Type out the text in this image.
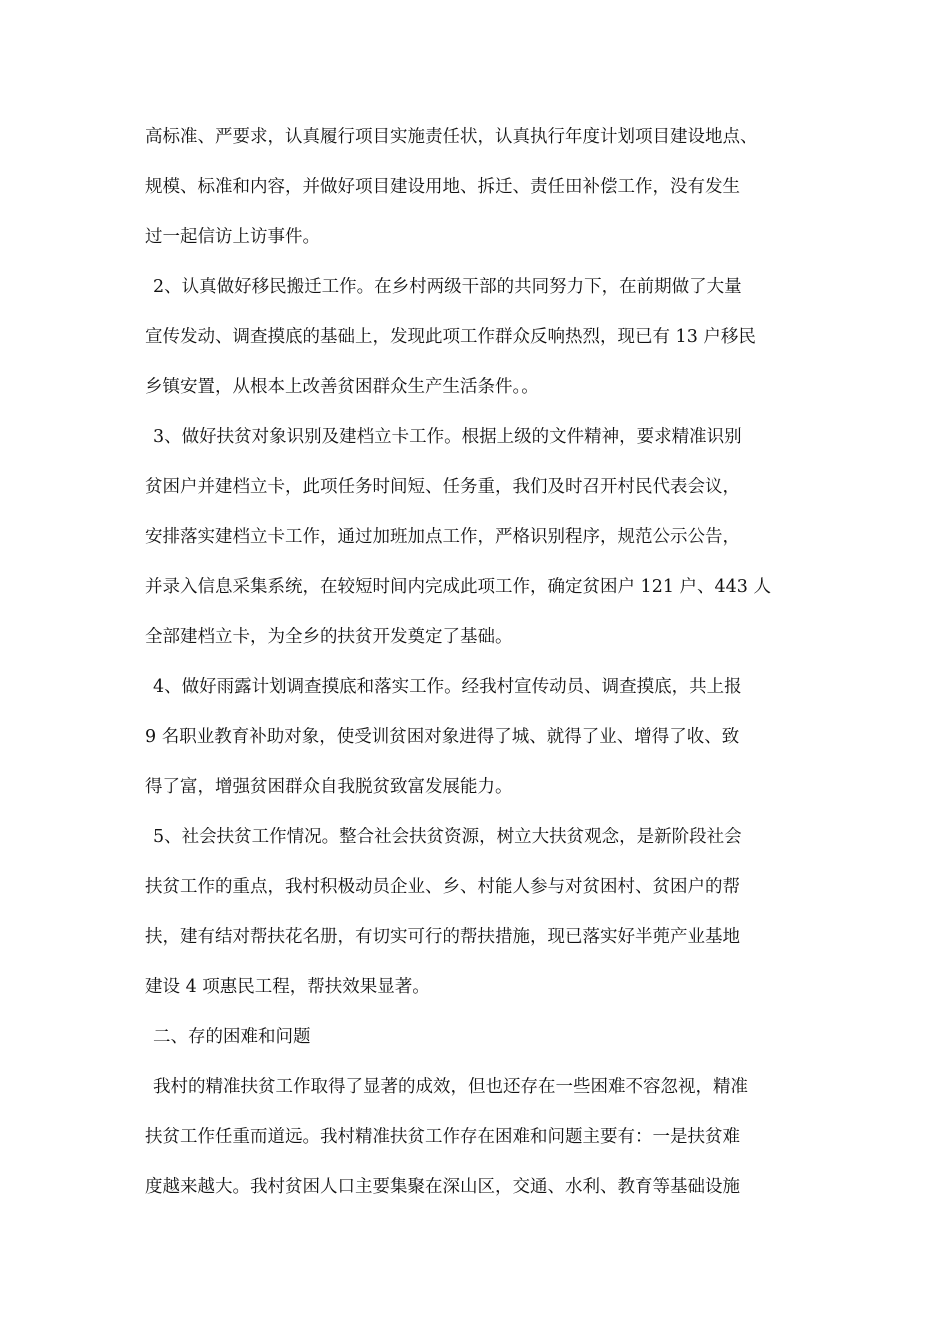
高标准、严要求，认真履行项目实施责任状，认真执行年度计划项目建设地点、

规模、标准和内容，并做好项目建设用地、拆迁、责任田补偿工作，没有发生

过一起信访上访事件。

2、认真做好移民搬迁工作。在乡村两级干部的共同努力下，在前期做了大量

宣传发动、调查摸底的基础上，发现此项工作群众反响热烈，现已有 13 户移民

乡镇安置，从根本上改善贫困群众生产生活条件。。

3、做好扶贫对象识别及建档立卡工作。根据上级的文件精神，要求精准识别

贫困户并建档立卡，此项任务时间短、任务重，我们及时召开村民代表会议，

安排落实建档立卡工作，通过加班加点工作，严格识别程序，规范公示公告，

并录入信息采集系统，在较短时间内完成此项工作，确定贫困户 121 户、443 人

全部建档立卡，为全乡的扶贫开发奠定了基础。

4、做好雨露计划调查摸底和落实工作。经我村宣传动员、调查摸底，共上报

9 名职业教育补助对象，使受训贫困对象进得了城、就得了业、增得了收、致

得了富，增强贫困群众自我脱贫致富发展能力。

5、社会扶贫工作情况。整合社会扶贫资源，树立大扶贫观念，是新阶段社会

扶贫工作的重点，我村积极动员企业、乡、村能人参与对贫困村、贫困户的帮

扶，建有结对帮扶花名册，有切实可行的帮扶措施，现已落实好半蔸产业基地

建设 4 项惠民工程，帮扶效果显著。

二、存的困难和问题

我村的精准扶贫工作取得了显著的成效，但也还存在一些困难不容忽视，精准

扶贫工作任重而道远。我村精准扶贫工作存在困难和问题主要有：一是扶贫难

度越来越大。我村贫困人口主要集聚在深山区，交通、水利、教育等基础设施
